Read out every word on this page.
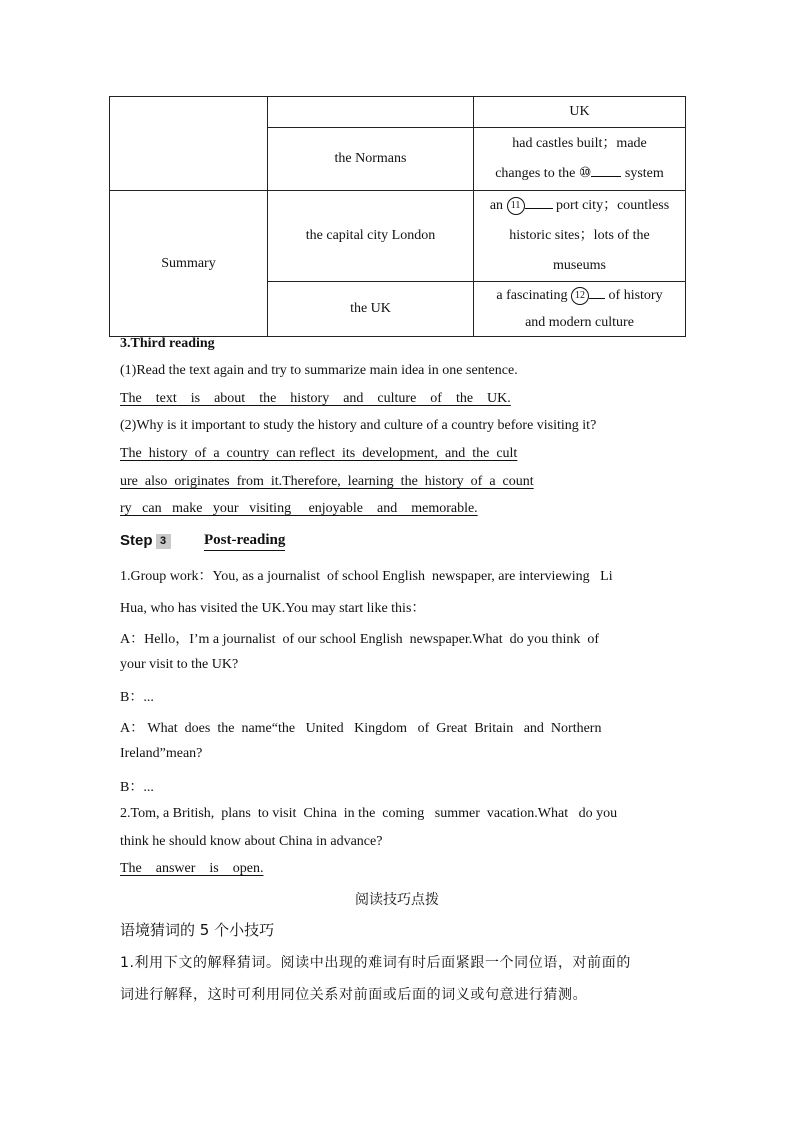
		UK
	the Normans	had castles built；made
changes to the ⑩ system

Summary	the capital city London	an 11 port city；countless
historic sites；lots of the
museums

	the UK	a fascinating 12 of history
and modern culture
3.Third reading
(1)Read the text again and try to summarize main idea in one sentence.
The    text    is    about    the    history    and    culture    of    the    UK.
(2)Why is it important to study the history and culture of a country before visiting it?
The  history  of  a  country  can reflect  its  development,  and  the  cult
ure  also  originates  from  it.Therefore,  learning  the  history  of  a  count
ry   can   make   your   visiting     enjoyable    and    memorable.
Step 3	Post-reading
1.Group work：You, as a journalist  of school English  newspaper, are interviewing   Li
Hua, who has visited the UK.You may start like this：
A：Hello，I’m a journalist  of our school English  newspaper.What  do you think  of
your visit to the UK?
B：...
A： What  does  the  name“the   United   Kingdom   of  Great  Britain   and  Northern
Ireland”mean?
B：...
2.Tom, a British,  plans  to visit  China  in the  coming   summer  vacation.What   do you
think he should know about China in advance?
The    answer    is    open.
阅读技巧点拨
语境猜词的 5 个小技巧
1.利用下文的解释猜词。阅读中出现的难词有时后面紧跟一个同位语，对前面的
词进行解释，这时可利用同位关系对前面或后面的词义或句意进行猜测。
